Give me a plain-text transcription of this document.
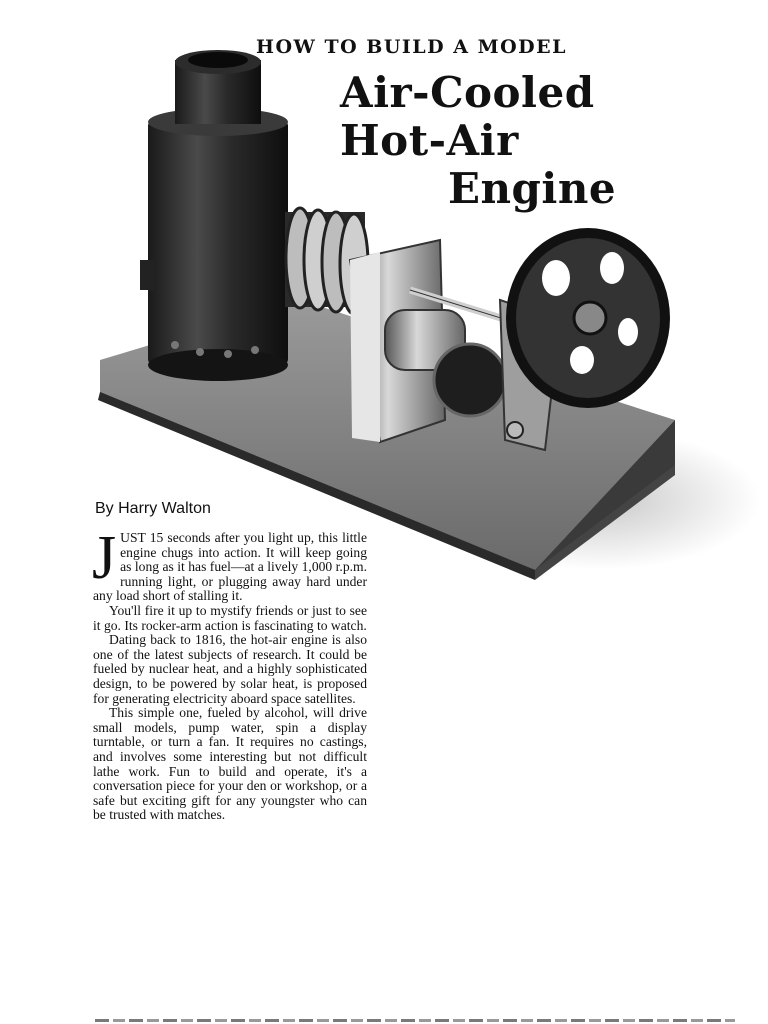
HOW TO BUILD A MODEL
Air-Cooled
Hot-Air
Engine
By Harry Walton

JUST 15 seconds after you light up, this little engine chugs into action. It will keep going as long as it has fuel—at a lively 1,000 r.p.m. running light, or plugging away hard under any load short of stalling it.

You'll fire it up to mystify friends or just to see it go. Its rocker-arm action is fascinating to watch.

Dating back to 1816, the hot-air engine is also one of the latest subjects of research. It could be fueled by nuclear heat, and a highly sophisticated design, to be powered by solar heat, is proposed for generating electricity aboard space satellites.

This simple one, fueled by alcohol, will drive small models, pump water, spin a display turntable, or turn a fan. It requires no castings, and involves some interesting but not difficult lathe work. Fun to build and operate, it's a conversation piece for your den or workshop, or a safe but exciting gift for any youngster who can be trusted with matches.
